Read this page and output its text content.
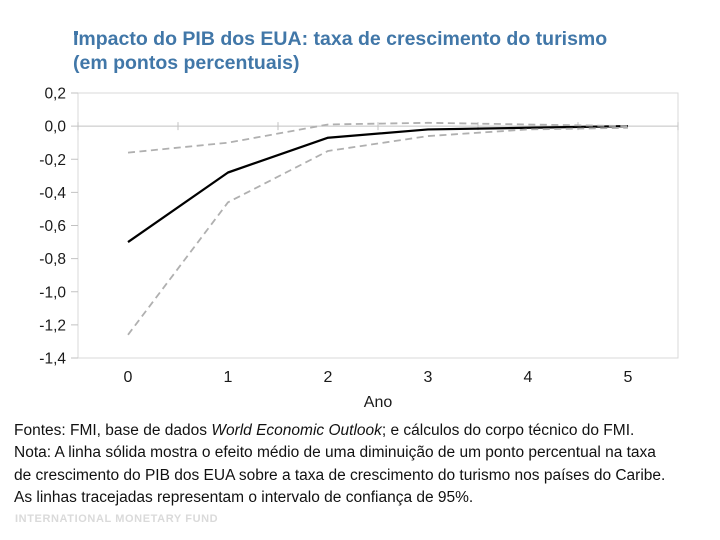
Impacto do PIB dos EUA: taxa de crescimento do turismo
(em pontos percentuais)
0,2
0,0
-0,2
-0,4
-0,6
-0,8
-1,0
-1,2
-1,4
0	1	2	3	4	5
Ano

Fontes: FMI, base de dados World Economic Outlook; e cálculos do corpo técnico do FMI.

Nota: A linha sólida mostra o efeito médio de uma diminuição de um ponto percentual na taxa de crescimento do PIB dos EUA sobre a taxa de crescimento do turismo nos países do Caribe. As linhas tracejadas representam o intervalo de confiança de 95%.

INTERNATIONAL MONETARY FUND
